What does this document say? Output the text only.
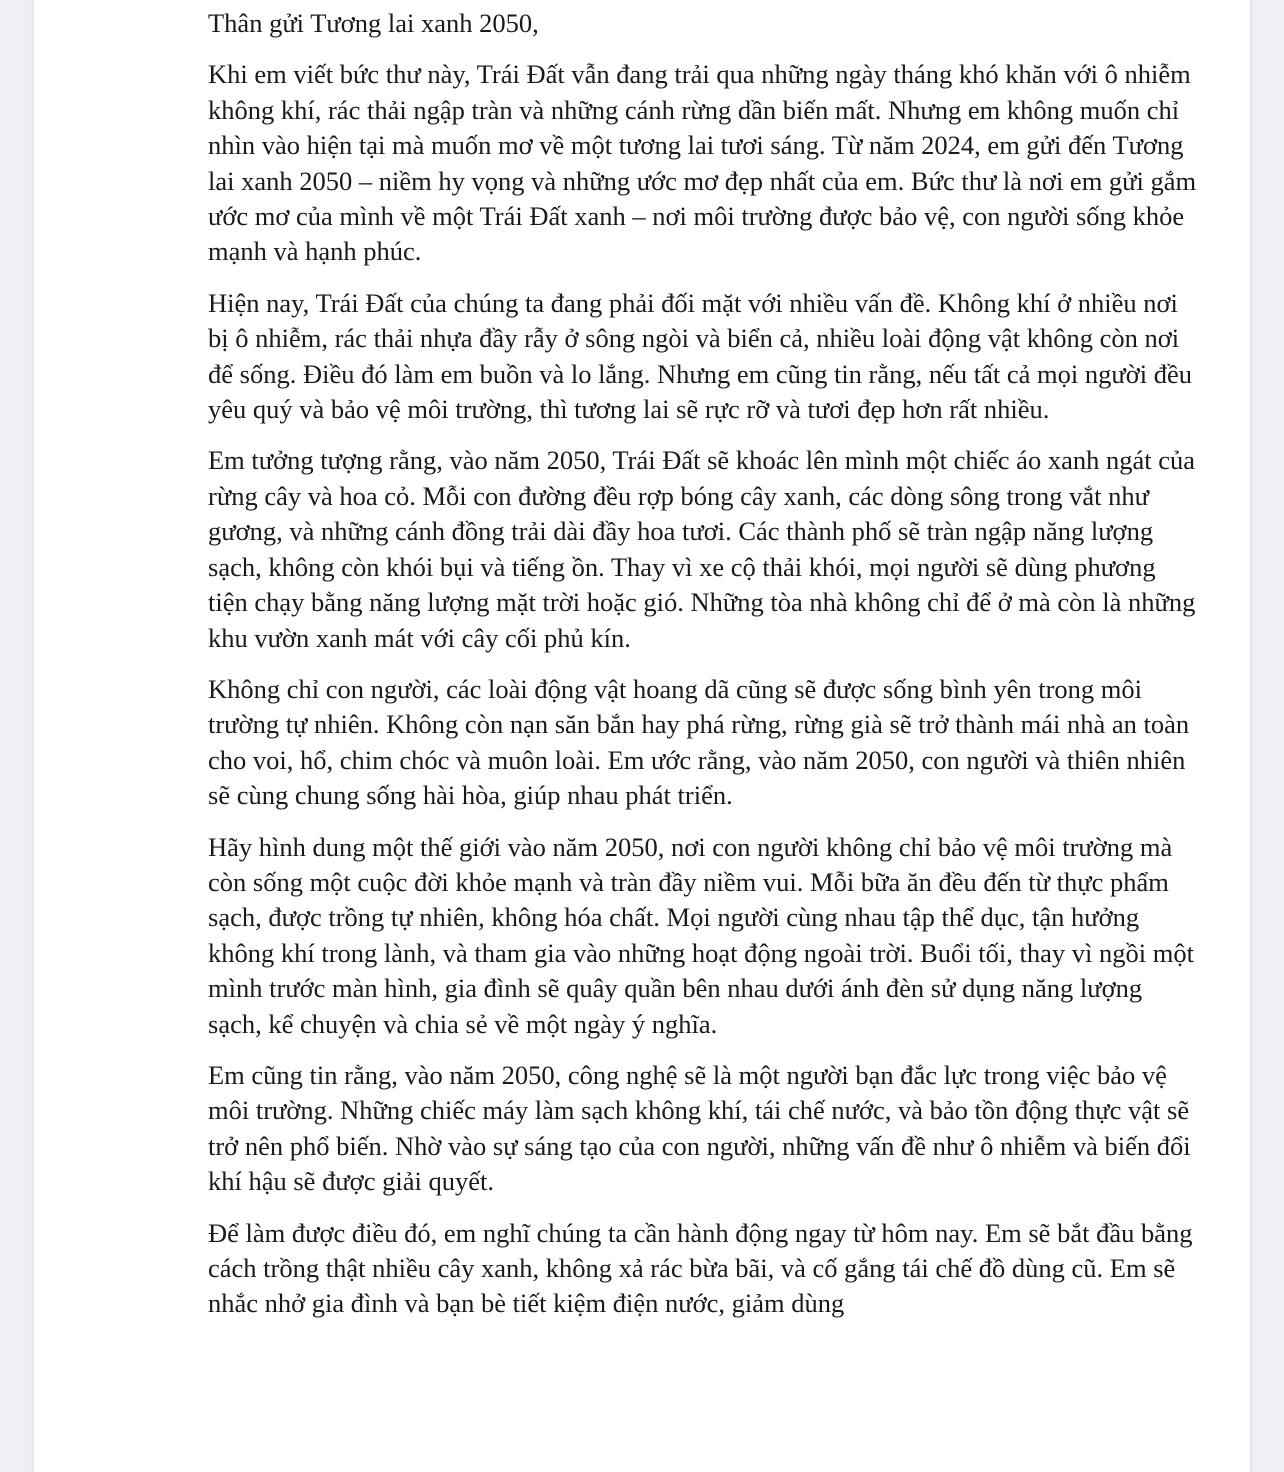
Thân gửi Tương lai xanh 2050,

Khi em viết bức thư này, Trái Đất vẫn đang trải qua những ngày tháng khó khăn với ô nhiễm không khí, rác thải ngập tràn và những cánh rừng dần biến mất. Nhưng em không muốn chỉ nhìn vào hiện tại mà muốn mơ về một tương lai tươi sáng. Từ năm 2024, em gửi đến Tương lai xanh 2050 – niềm hy vọng và những ước mơ đẹp nhất của em. Bức thư là nơi em gửi gắm ước mơ của mình về một Trái Đất xanh – nơi môi trường được bảo vệ, con người sống khỏe mạnh và hạnh phúc.

Hiện nay, Trái Đất của chúng ta đang phải đối mặt với nhiều vấn đề. Không khí ở nhiều nơi bị ô nhiễm, rác thải nhựa đầy rẫy ở sông ngòi và biển cả, nhiều loài động vật không còn nơi để sống. Điều đó làm em buồn và lo lắng. Nhưng em cũng tin rằng, nếu tất cả mọi người đều yêu quý và bảo vệ môi trường, thì tương lai sẽ rực rỡ và tươi đẹp hơn rất nhiều.

Em tưởng tượng rằng, vào năm 2050, Trái Đất sẽ khoác lên mình một chiếc áo xanh ngát của rừng cây và hoa cỏ. Mỗi con đường đều rợp bóng cây xanh, các dòng sông trong vắt như gương, và những cánh đồng trải dài đầy hoa tươi. Các thành phố sẽ tràn ngập năng lượng sạch, không còn khói bụi và tiếng ồn. Thay vì xe cộ thải khói, mọi người sẽ dùng phương tiện chạy bằng năng lượng mặt trời hoặc gió. Những tòa nhà không chỉ để ở mà còn là những khu vườn xanh mát với cây cối phủ kín.

Không chỉ con người, các loài động vật hoang dã cũng sẽ được sống bình yên trong môi trường tự nhiên. Không còn nạn săn bắn hay phá rừng, rừng già sẽ trở thành mái nhà an toàn cho voi, hổ, chim chóc và muôn loài. Em ước rằng, vào năm 2050, con người và thiên nhiên sẽ cùng chung sống hài hòa, giúp nhau phát triển.

Hãy hình dung một thế giới vào năm 2050, nơi con người không chỉ bảo vệ môi trường mà còn sống một cuộc đời khỏe mạnh và tràn đầy niềm vui. Mỗi bữa ăn đều đến từ thực phẩm sạch, được trồng tự nhiên, không hóa chất. Mọi người cùng nhau tập thể dục, tận hưởng không khí trong lành, và tham gia vào những hoạt động ngoài trời. Buổi tối, thay vì ngồi một mình trước màn hình, gia đình sẽ quây quần bên nhau dưới ánh đèn sử dụng năng lượng sạch, kể chuyện và chia sẻ về một ngày ý nghĩa.

Em cũng tin rằng, vào năm 2050, công nghệ sẽ là một người bạn đắc lực trong việc bảo vệ môi trường. Những chiếc máy làm sạch không khí, tái chế nước, và bảo tồn động thực vật sẽ trở nên phổ biến. Nhờ vào sự sáng tạo của con người, những vấn đề như ô nhiễm và biến đổi khí hậu sẽ được giải quyết.

Để làm được điều đó, em nghĩ chúng ta cần hành động ngay từ hôm nay. Em sẽ bắt đầu bằng cách trồng thật nhiều cây xanh, không xả rác bừa bãi, và cố gắng tái chế đồ dùng cũ. Em sẽ nhắc nhở gia đình và bạn bè tiết kiệm điện nước, giảm dùng
